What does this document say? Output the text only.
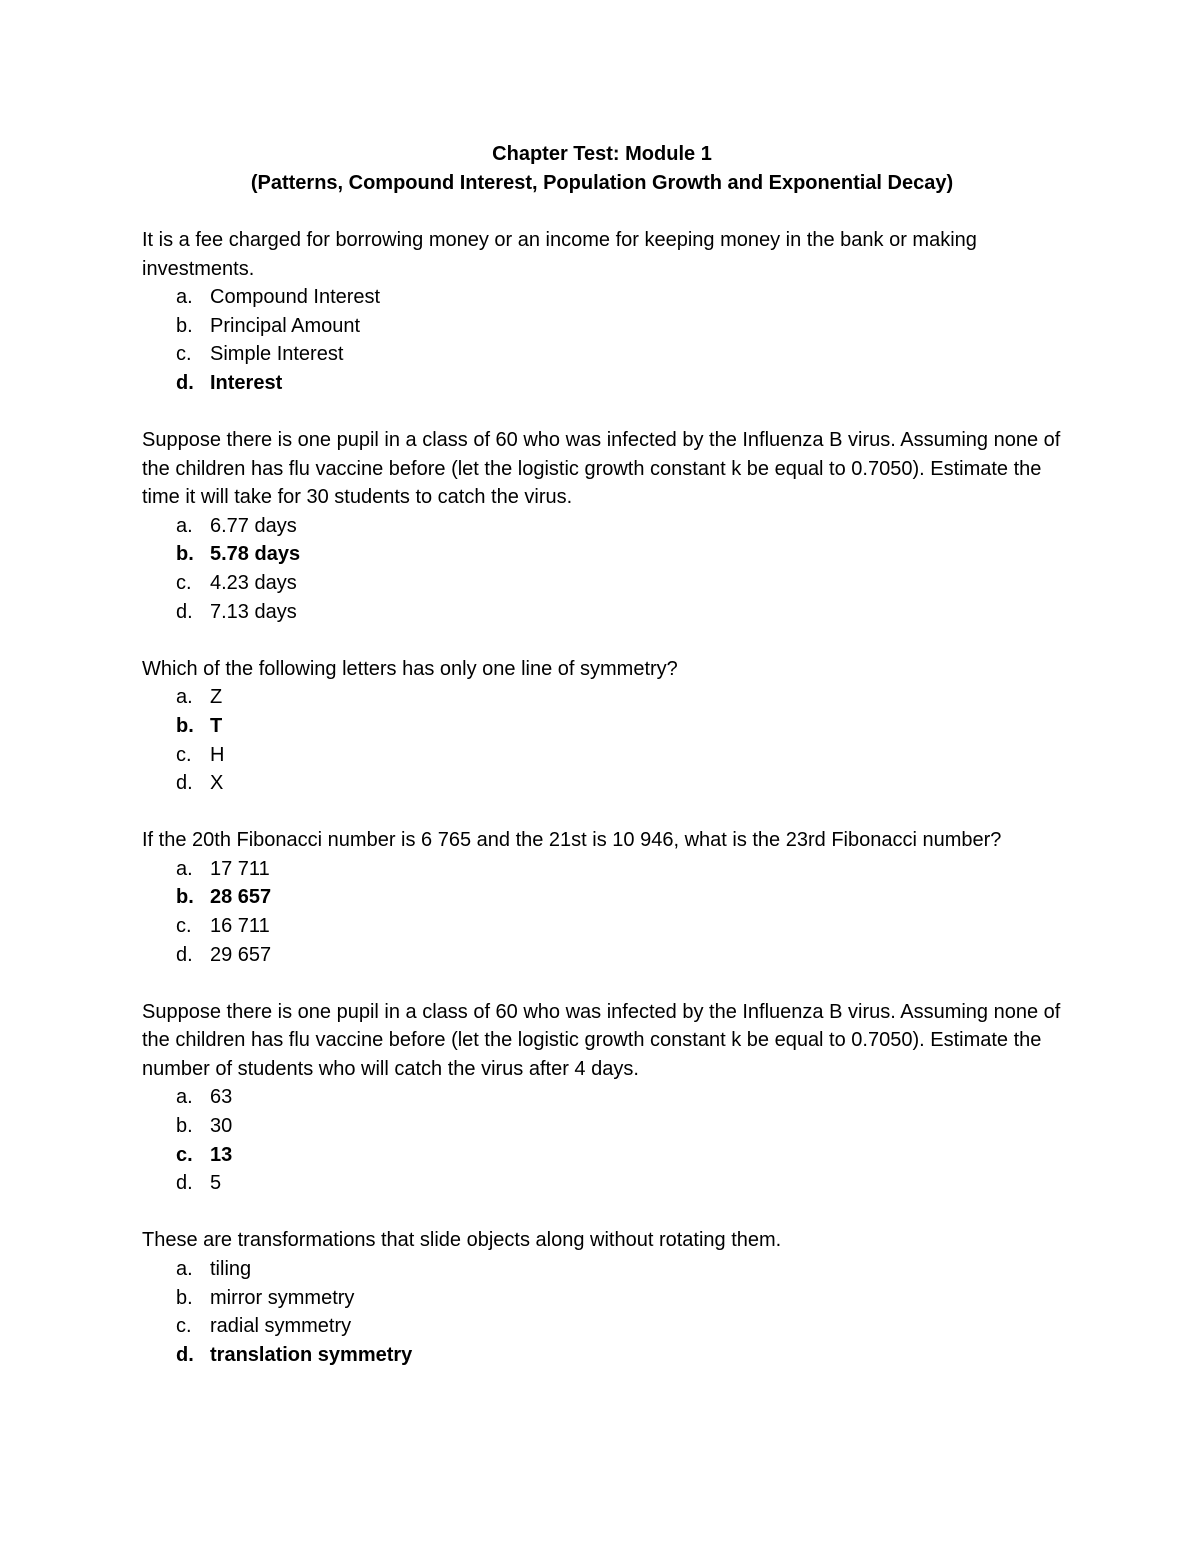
Chapter Test: Module 1
(Patterns, Compound Interest, Population Growth and Exponential Decay)

It is a fee charged for borrowing money or an income for keeping money in the bank or making investments.

a. Compound Interest
b. Principal Amount
c. Simple Interest
d. Interest

Suppose there is one pupil in a class of 60 who was infected by the Influenza B virus. Assuming none of the children has flu vaccine before (let the logistic growth constant k be equal to 0.7050). Estimate the time it will take for 30 students to catch the virus.

a. 6.77 days
b. 5.78 days
c. 4.23 days
d. 7.13 days

Which of the following letters has only one line of symmetry?

a. Z
b. T
c. H
d. X

If the 20th Fibonacci number is 6 765 and the 21st is 10 946, what is the 23rd Fibonacci number?

a. 17 711
b. 28 657
c. 16 711
d. 29 657

Suppose there is one pupil in a class of 60 who was infected by the Influenza B virus. Assuming none of the children has flu vaccine before (let the logistic growth constant k be equal to 0.7050). Estimate the number of students who will catch the virus after 4 days.

a. 63
b. 30
c. 13
d. 5

These are transformations that slide objects along without rotating them.

a. tiling
b. mirror symmetry
c. radial symmetry
d. translation symmetry
